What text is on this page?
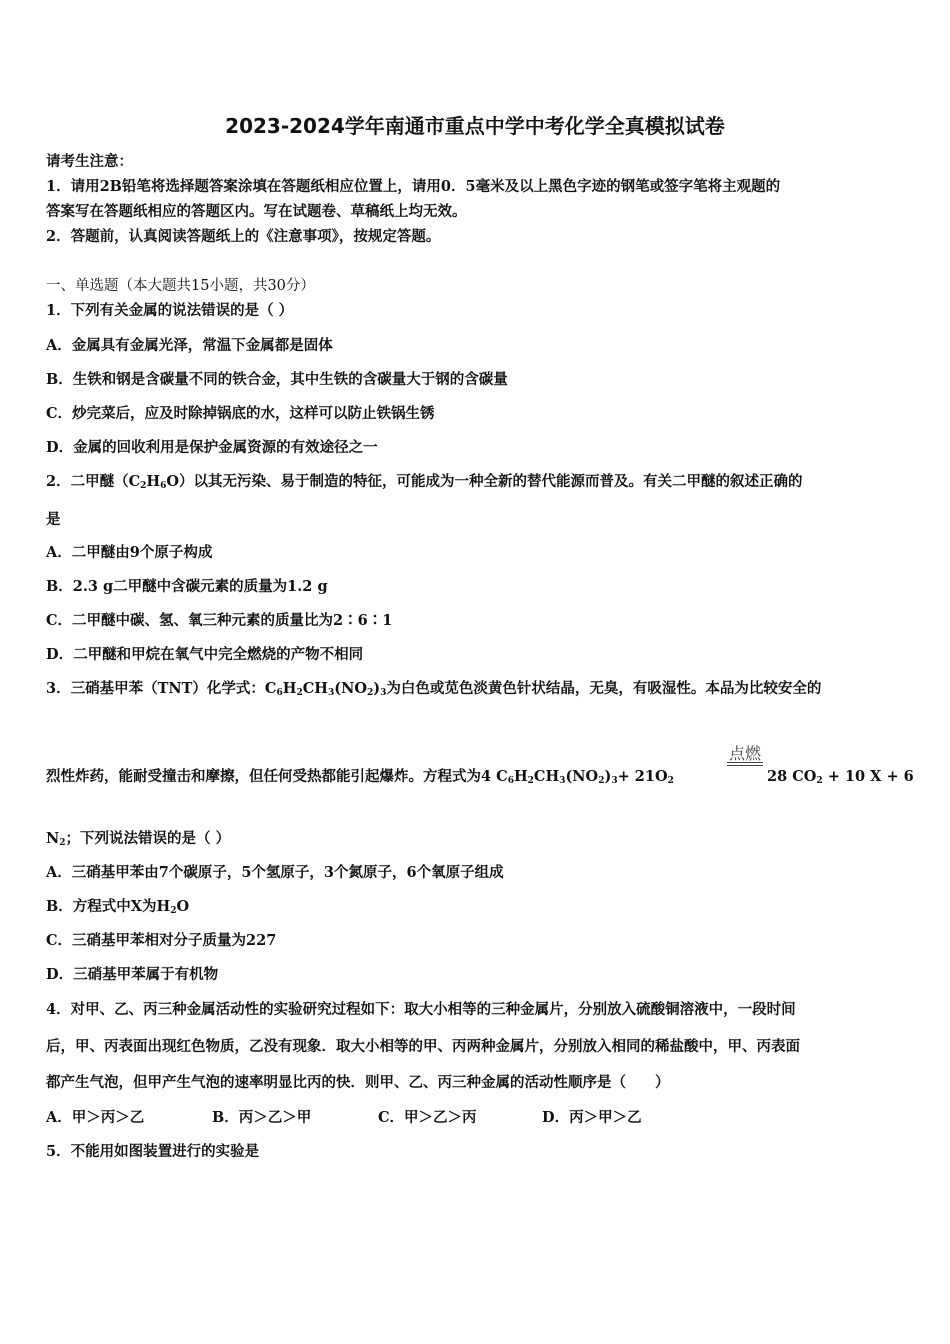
2023-2024学年南通市重点中学中考化学全真模拟试卷
请考生注意：
1．请用2B铅笔将选择题答案涂填在答题纸相应位置上，请用0．5毫米及以上黑色字迹的钢笔或签字笔将主观题的
答案写在答题纸相应的答题区内。写在试题卷、草稿纸上均无效。
2．答题前，认真阅读答题纸上的《注意事项》，按规定答题。
一、单选题（本大题共15小题，共30分）
1．下列有关金属的说法错误的是（ ）
A．金属具有金属光泽，常温下金属都是固体
B．生铁和钢是含碳量不同的铁合金，其中生铁的含碳量大于钢的含碳量
C．炒完菜后，应及时除掉锅底的水，这样可以防止铁锅生锈
D．金属的回收利用是保护金属资源的有效途径之一
2．二甲醚$(C_2H_6O)$以其无污染、易于制造的特征，可能成为一种全新的替代能源而普及。有关二甲醚的叙述正确的
是
A．二甲醚由9个原子构成
B．2.3 g二甲醚中含碳元素的质量为1.2 g
C．二甲醚中碳、氢、氧三种元素的质量比为2∶6∶1
D．二甲醚和甲烷在氧气中完全燃烧的产物不相同
3．三硝基甲苯（TNT）化学式：$C_6H_2CH_3(NO_2)_3$为白色或苋色淡黄色针状结晶，无臭，有吸湿性。本品为比较安全的
点燃
烈性炸药，能耐受撞击和摩擦，但任何受热都能引起爆炸。方程式为4 $C_6H_2CH_3(NO_2)_3+ 21O_2$	28 $CO_2 + 10$ X + 6
$N_2$；下列说法错误的是（ ）
A．三硝基甲苯由7个碳原子，5个氢原子，3个氮原子，6个氧原子组成
B．方程式中X为$H_2O$
C．三硝基甲苯相对分子质量为227
D．三硝基甲苯属于有机物
4．对甲、乙、丙三种金属活动性的实验研究过程如下：取大小相等的三种金属片，分别放入硫酸铜溶液中，一段时间
后，甲、丙表面出现红色物质，乙没有现象．取大小相等的甲、丙两种金属片，分别放入相同的稀盐酸中，甲、丙表面
都产生气泡，但甲产生气泡的速率明显比丙的快．则甲、乙、丙三种金属的活动性顺序是（　　）
A．甲＞丙＞乙	B．丙＞乙＞甲	C．甲＞乙＞丙	D．丙＞甲＞乙
5．不能用如图装置进行的实验是
